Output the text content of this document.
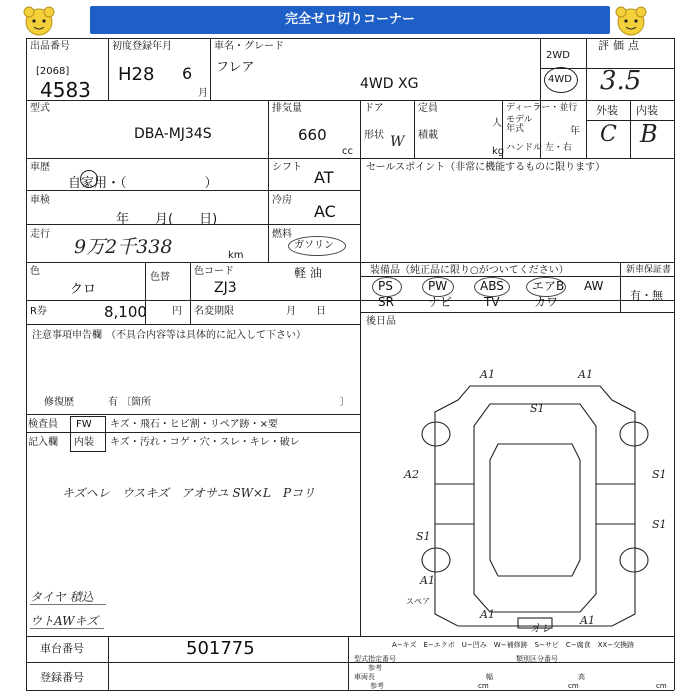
完全ゼロ切りコーナー
出品番号
[2068]
4583
初度登録年月
H28 6
月
車名・グレード
フレア
4WD XG
2WD
4WD
評価点
3.5
型式
DBA-MJ34S
排気量
660
cc
ドア
形状 W
定員
人
積載
kg
ディーラー・並行
モデル
年式	年
ハンドル 左・右
外装 内装
C B
車歴
自家用・（　　　　　　）
シフト
AT
車検
年　　月(　　日)
冷房
AC
走行
9万2千338	km
燃料
ガソリン
軽 油
色
クロ
色替
色コード
ZJ3
R券	8,100	円 名変期限	月　　日
注意事項申告欄 （不具合内容等は具体的に記入して下さい）
修復歴	有 〔箇所	〕
検査員
記入欄
FW
内装
キズ・飛石・ヒビ割・リペア跡・×要
キズ・汚れ・コゲ・穴・スレ・キレ・破レ
キズヘレ　ウスキズ　アオサユ SW×L　Pコリ
タイヤ 積込
ウトAWキズ
セールスポイント（非常に機能するものに限ります）
装備品（純正品に限り○がついてください）	新車保証書
有・無
PS	PW	ABS エアB AW
SR	ナビ	TV	カワ
後日品
A1	A1
S1
A2	S1
S1
S1
A1
A1
オレ
A1
スペア
A−キズ　E−エクボ　U−凹み　W−補修跡　S−サビ　C−腐食　XX−交換跡
車台番号	501775
登録番号
型式指定番号
参考
類別区分番号
車両長	幅	高
参考	cm	cm	cm
